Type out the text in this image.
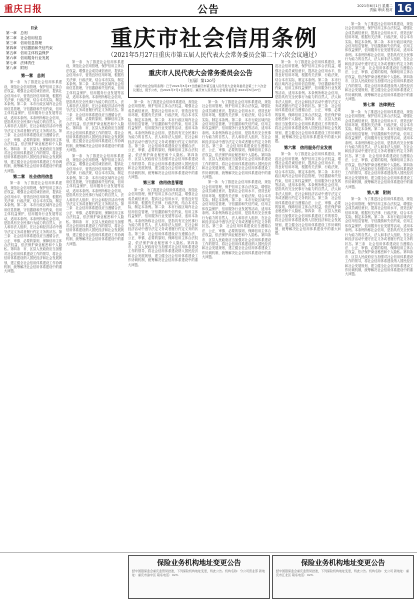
重庆日报	公告	2021年6月1日 星期二
责编 审读 校对 16
重庆市社会信用条例
（2021年5月27日重庆市第五届人民代表大会常务委员会第二十六次会议通过）
目录
第一章　总则
第二章　社会信用信息
第三章　信用信息管理
第四章　守信激励和失信约束
第五章　信用主体权益保护
第六章　信用服务行业发展
第七章　法律责任
第八章　附则
第一章　总则

第一条　为了推进社会信用体系建设，规范社会信用管理，保护信用主体合法权益，增强社会成员诚信意识，提高社会信用水平，营造良好信用环境，根据有关法律、行政法规，结合本市实际，制定本条例。第二条　本市行政区域内社会信用信息管理，守信激励和失信约束，信用主体权益保护，信用服务行业发展等活动，适用本条例。本条例所称社会信用，是指具有完全民事行为能力的自然人、法人和非法人组织，在社会和经济活动中遵守法定义务或者履行约定义务的状态。第三条　社会信用体系建设应当遵循合法、公正、审慎、必要的原则，保障信用主体合法权益，依法保护商业秘密和个人隐私。第四条　市、区县人民政府应当加强对社会信用体系建设工作的领导，将社会信用体系建设纳入国民经济和社会发展规划，建立健全社会信用体系建设工作协调机制，统筹解决社会信用体系建设中的重大问题。

第二章　社会信用信息

第一条　为了推进社会信用体系建设，规范社会信用管理，保护信用主体合法权益，增强社会成员诚信意识，提高社会信用水平，营造良好信用环境，根据有关法律、行政法规，结合本市实际，制定本条例。第二条　本市行政区域内社会信用信息管理，守信激励和失信约束，信用主体权益保护，信用服务行业发展等活动，适用本条例。本条例所称社会信用，是指具有完全民事行为能力的自然人、法人和非法人组织，在社会和经济活动中遵守法定义务或者履行约定义务的状态。第三条　社会信用体系建设应当遵循合法、公正、审慎、必要的原则，保障信用主体合法权益，依法保护商业秘密和个人隐私。第四条　市、区县人民政府应当加强对社会信用体系建设工作的领导，将社会信用体系建设纳入国民经济和社会发展规划，建立健全社会信用体系建设工作协调机制，统筹解决社会信用体系建设中的重大问题。

第一条　为了推进社会信用体系建设，规范社会信用管理，保护信用主体合法权益，增强社会成员诚信意识，提高社会信用水平，营造良好信用环境，根据有关法律、行政法规，结合本市实际，制定本条例。第二条　本市行政区域内社会信用信息管理，守信激励和失信约束，信用主体权益保护，信用服务行业发展等活动，适用本条例。本条例所称社会信用，是指具有完全民事行为能力的自然人、法人和非法人组织，在社会和经济活动中遵守法定义务或者履行约定义务的状态。第三条　社会信用体系建设应当遵循合法、公正、审慎、必要的原则，保障信用主体合法权益，依法保护商业秘密和个人隐私。第四条　市、区县人民政府应当加强对社会信用体系建设工作的领导，将社会信用体系建设纳入国民经济和社会发展规划，建立健全社会信用体系建设工作协调机制，统筹解决社会信用体系建设中的重大问题。

第一条　为了推进社会信用体系建设，规范社会信用管理，保护信用主体合法权益，增强社会成员诚信意识，提高社会信用水平，营造良好信用环境，根据有关法律、行政法规，结合本市实际，制定本条例。第二条　本市行政区域内社会信用信息管理，守信激励和失信约束，信用主体权益保护，信用服务行业发展等活动，适用本条例。本条例所称社会信用，是指具有完全民事行为能力的自然人、法人和非法人组织，在社会和经济活动中遵守法定义务或者履行约定义务的状态。第三条　社会信用体系建设应当遵循合法、公正、审慎、必要的原则，保障信用主体合法权益，依法保护商业秘密和个人隐私。第四条　市、区县人民政府应当加强对社会信用体系建设工作的领导，将社会信用体系建设纳入国民经济和社会发展规划，建立健全社会信用体系建设工作协调机制，统筹解决社会信用体系建设中的重大问题。

重庆市人民代表大会常务委员会公告
〔五届〕第120号
《重庆市社会信用条例》已于2021年5月27日经重庆市第五届人民代表大会常务委员会第二十六次会议通过，现予公布，自2021年7月1日起施行。重庆市人民代表大会常务委员会 2021年5月27日

第一条　为了推进社会信用体系建设，规范社会信用管理，保护信用主体合法权益，增强社会成员诚信意识，提高社会信用水平，营造良好信用环境，根据有关法律、行政法规，结合本市实际，制定本条例。第二条　本市行政区域内社会信用信息管理，守信激励和失信约束，信用主体权益保护，信用服务行业发展等活动，适用本条例。本条例所称社会信用，是指具有完全民事行为能力的自然人、法人和非法人组织，在社会和经济活动中遵守法定义务或者履行约定义务的状态。第三条　社会信用体系建设应当遵循合法、公正、审慎、必要的原则，保障信用主体合法权益，依法保护商业秘密和个人隐私。第四条　市、区县人民政府应当加强对社会信用体系建设工作的领导，将社会信用体系建设纳入国民经济和社会发展规划，建立健全社会信用体系建设工作协调机制，统筹解决社会信用体系建设中的重大问题。

第三章　信用信息管理

第一条　为了推进社会信用体系建设，规范社会信用管理，保护信用主体合法权益，增强社会成员诚信意识，提高社会信用水平，营造良好信用环境，根据有关法律、行政法规，结合本市实际，制定本条例。第二条　本市行政区域内社会信用信息管理，守信激励和失信约束，信用主体权益保护，信用服务行业发展等活动，适用本条例。本条例所称社会信用，是指具有完全民事行为能力的自然人、法人和非法人组织，在社会和经济活动中遵守法定义务或者履行约定义务的状态。第三条　社会信用体系建设应当遵循合法、公正、审慎、必要的原则，保障信用主体合法权益，依法保护商业秘密和个人隐私。第四条　市、区县人民政府应当加强对社会信用体系建设工作的领导，将社会信用体系建设纳入国民经济和社会发展规划，建立健全社会信用体系建设工作协调机制，统筹解决社会信用体系建设中的重大问题。

第一条　为了推进社会信用体系建设，规范社会信用管理，保护信用主体合法权益，增强社会成员诚信意识，提高社会信用水平，营造良好信用环境，根据有关法律、行政法规，结合本市实际，制定本条例。第二条　本市行政区域内社会信用信息管理，守信激励和失信约束，信用主体权益保护，信用服务行业发展等活动，适用本条例。本条例所称社会信用，是指具有完全民事行为能力的自然人、法人和非法人组织，在社会和经济活动中遵守法定义务或者履行约定义务的状态。第三条　社会信用体系建设应当遵循合法、公正、审慎、必要的原则，保障信用主体合法权益，依法保护商业秘密和个人隐私。第四条　市、区县人民政府应当加强对社会信用体系建设工作的领导，将社会信用体系建设纳入国民经济和社会发展规划，建立健全社会信用体系建设工作协调机制，统筹解决社会信用体系建设中的重大问题。

第一条　为了推进社会信用体系建设，规范社会信用管理，保护信用主体合法权益，增强社会成员诚信意识，提高社会信用水平，营造良好信用环境，根据有关法律、行政法规，结合本市实际，制定本条例。第二条　本市行政区域内社会信用信息管理，守信激励和失信约束，信用主体权益保护，信用服务行业发展等活动，适用本条例。本条例所称社会信用，是指具有完全民事行为能力的自然人、法人和非法人组织，在社会和经济活动中遵守法定义务或者履行约定义务的状态。第三条　社会信用体系建设应当遵循合法、公正、审慎、必要的原则，保障信用主体合法权益，依法保护商业秘密和个人隐私。第四条　市、区县人民政府应当加强对社会信用体系建设工作的领导，将社会信用体系建设纳入国民经济和社会发展规划，建立健全社会信用体系建设工作协调机制，统筹解决社会信用体系建设中的重大问题。

第一条　为了推进社会信用体系建设，规范社会信用管理，保护信用主体合法权益，增强社会成员诚信意识，提高社会信用水平，营造良好信用环境，根据有关法律、行政法规，结合本市实际，制定本条例。第二条　本市行政区域内社会信用信息管理，守信激励和失信约束，信用主体权益保护，信用服务行业发展等活动，适用本条例。本条例所称社会信用，是指具有完全民事行为能力的自然人、法人和非法人组织，在社会和经济活动中遵守法定义务或者履行约定义务的状态。第三条　社会信用体系建设应当遵循合法、公正、审慎、必要的原则，保障信用主体合法权益，依法保护商业秘密和个人隐私。第四条　市、区县人民政府应当加强对社会信用体系建设工作的领导，将社会信用体系建设纳入国民经济和社会发展规划，建立健全社会信用体系建设工作协调机制，统筹解决社会信用体系建设中的重大问题。

第六章　信用服务行业发展

第一条　为了推进社会信用体系建设，规范社会信用管理，保护信用主体合法权益，增强社会成员诚信意识，提高社会信用水平，营造良好信用环境，根据有关法律、行政法规，结合本市实际，制定本条例。第二条　本市行政区域内社会信用信息管理，守信激励和失信约束，信用主体权益保护，信用服务行业发展等活动，适用本条例。本条例所称社会信用，是指具有完全民事行为能力的自然人、法人和非法人组织，在社会和经济活动中遵守法定义务或者履行约定义务的状态。第三条　社会信用体系建设应当遵循合法、公正、审慎、必要的原则，保障信用主体合法权益，依法保护商业秘密和个人隐私。第四条　市、区县人民政府应当加强对社会信用体系建设工作的领导，将社会信用体系建设纳入国民经济和社会发展规划，建立健全社会信用体系建设工作协调机制，统筹解决社会信用体系建设中的重大问题。

第一条　为了推进社会信用体系建设，规范社会信用管理，保护信用主体合法权益，增强社会成员诚信意识，提高社会信用水平，营造良好信用环境，根据有关法律、行政法规，结合本市实际，制定本条例。第二条　本市行政区域内社会信用信息管理，守信激励和失信约束，信用主体权益保护，信用服务行业发展等活动，适用本条例。本条例所称社会信用，是指具有完全民事行为能力的自然人、法人和非法人组织，在社会和经济活动中遵守法定义务或者履行约定义务的状态。第三条　社会信用体系建设应当遵循合法、公正、审慎、必要的原则，保障信用主体合法权益，依法保护商业秘密和个人隐私。第四条　市、区县人民政府应当加强对社会信用体系建设工作的领导，将社会信用体系建设纳入国民经济和社会发展规划，建立健全社会信用体系建设工作协调机制，统筹解决社会信用体系建设中的重大问题。

第七章　法律责任

第一条　为了推进社会信用体系建设，规范社会信用管理，保护信用主体合法权益，增强社会成员诚信意识，提高社会信用水平，营造良好信用环境，根据有关法律、行政法规，结合本市实际，制定本条例。第二条　本市行政区域内社会信用信息管理，守信激励和失信约束，信用主体权益保护，信用服务行业发展等活动，适用本条例。本条例所称社会信用，是指具有完全民事行为能力的自然人、法人和非法人组织，在社会和经济活动中遵守法定义务或者履行约定义务的状态。第三条　社会信用体系建设应当遵循合法、公正、审慎、必要的原则，保障信用主体合法权益，依法保护商业秘密和个人隐私。第四条　市、区县人民政府应当加强对社会信用体系建设工作的领导，将社会信用体系建设纳入国民经济和社会发展规划，建立健全社会信用体系建设工作协调机制，统筹解决社会信用体系建设中的重大问题。

第八章　附则

第一条　为了推进社会信用体系建设，规范社会信用管理，保护信用主体合法权益，增强社会成员诚信意识，提高社会信用水平，营造良好信用环境，根据有关法律、行政法规，结合本市实际，制定本条例。第二条　本市行政区域内社会信用信息管理，守信激励和失信约束，信用主体权益保护，信用服务行业发展等活动，适用本条例。本条例所称社会信用，是指具有完全民事行为能力的自然人、法人和非法人组织，在社会和经济活动中遵守法定义务或者履行约定义务的状态。第三条　社会信用体系建设应当遵循合法、公正、审慎、必要的原则，保障信用主体合法权益，依法保护商业秘密和个人隐私。第四条　市、区县人民政府应当加强对社会信用体系建设工作的领导，将社会信用体系建设纳入国民经济和社会发展规划，建立健全社会信用体系建设工作协调机制，统筹解决社会信用体系建设中的重大问题。

保险业务机构地址变更公告
经中国银保监会重庆监管局批准，下列保险机构地址变更，特此公告。机构名称：分公司营业部 新地址：重庆市渝中区 联系电话：023-
保险业务机构地址变更公告
经中国银保监会重庆监管局批准，下列保险机构地址变更，特此公告。机构名称：支公司 新地址：重庆市江北区 联系电话：023-
